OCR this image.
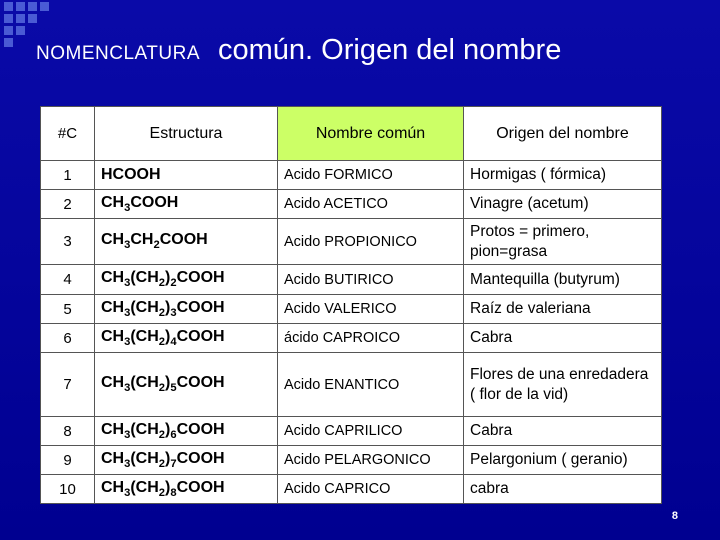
NOMENCLATURA común. Origen del nombre
#C	Estructura	Nombre común	Origen del nombre
1	HCOOH	Acido FORMICO	Hormigas ( fórmica)
2	$CH_3COOH$	Acido ACETICO	Vinagre (acetum)
3	$CH_3CH_2COOH$	Acido PROPIONICO	Protos = primero, pion=grasa
4	$CH_3(CH_2)_2COOH$	Acido BUTIRICO	Mantequilla (butyrum)
5	$CH_3(CH_2)_3COOH$	Acido VALERICO	Raíz de valeriana
6	$CH_3(CH_2)_4COOH$	ácido CAPROICO	Cabra
7	$CH_3(CH_2)_5COOH$	Acido ENANTICO	Flores de una enredadera ( flor de la vid)
8	$CH_3(CH_2)_6COOH$	Acido CAPRILICO	Cabra
9	$CH_3(CH_2)_7COOH$	Acido PELARGONICO	Pelargonium ( geranio)
10	$CH_3(CH_2)_8COOH$	Acido CAPRICO	cabra
8
